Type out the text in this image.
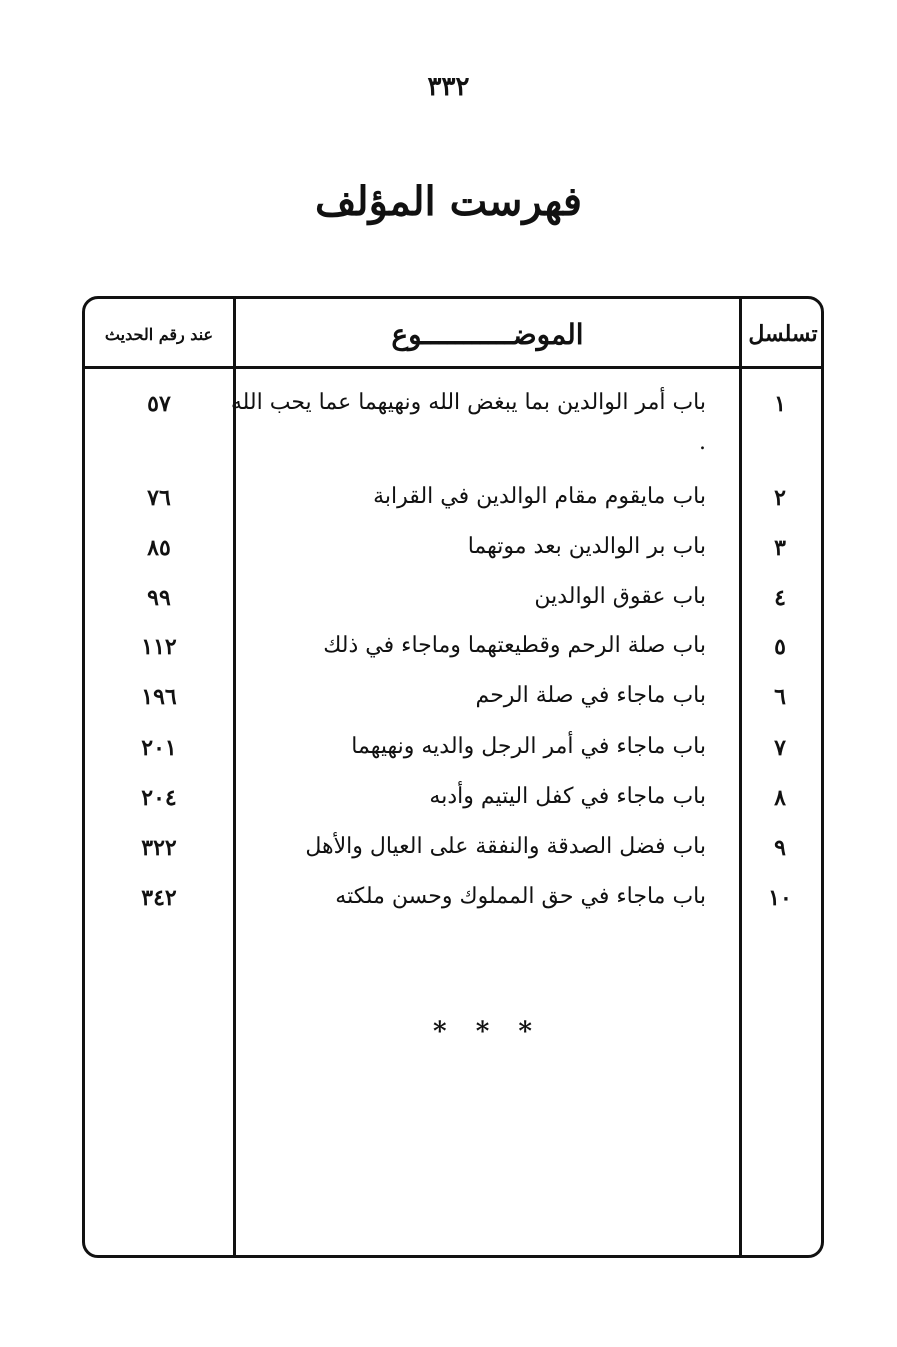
٣٣٢
فهرست المؤلف
تسلسل
الموضـــــــــــوع
عند رقم الحديث
١
باب أمر الوالدين بما يبغض الله ونهيهما عما يحب الله .
٥٧
٢
باب مايقوم مقام الوالدين في القرابة
٧٦
٣
باب بر الوالدين بعد موتهما
٨٥
٤
باب عقوق الوالدين
٩٩
٥
باب صلة الرحم وقطيعتهما وماجاء في ذلك
١١٢
٦
باب ماجاء في صلة الرحم
١٩٦
٧
باب ماجاء في أمر الرجل والديه ونهيهما
٢٠١
٨
باب ماجاء في كفل اليتيم وأدبه
٢٠٤
٩
باب فضل الصدقة والنفقة على العيال والأهل
٣٢٢
١٠
باب ماجاء في حق المملوك وحسن ملكته
٣٤٢
* * *
